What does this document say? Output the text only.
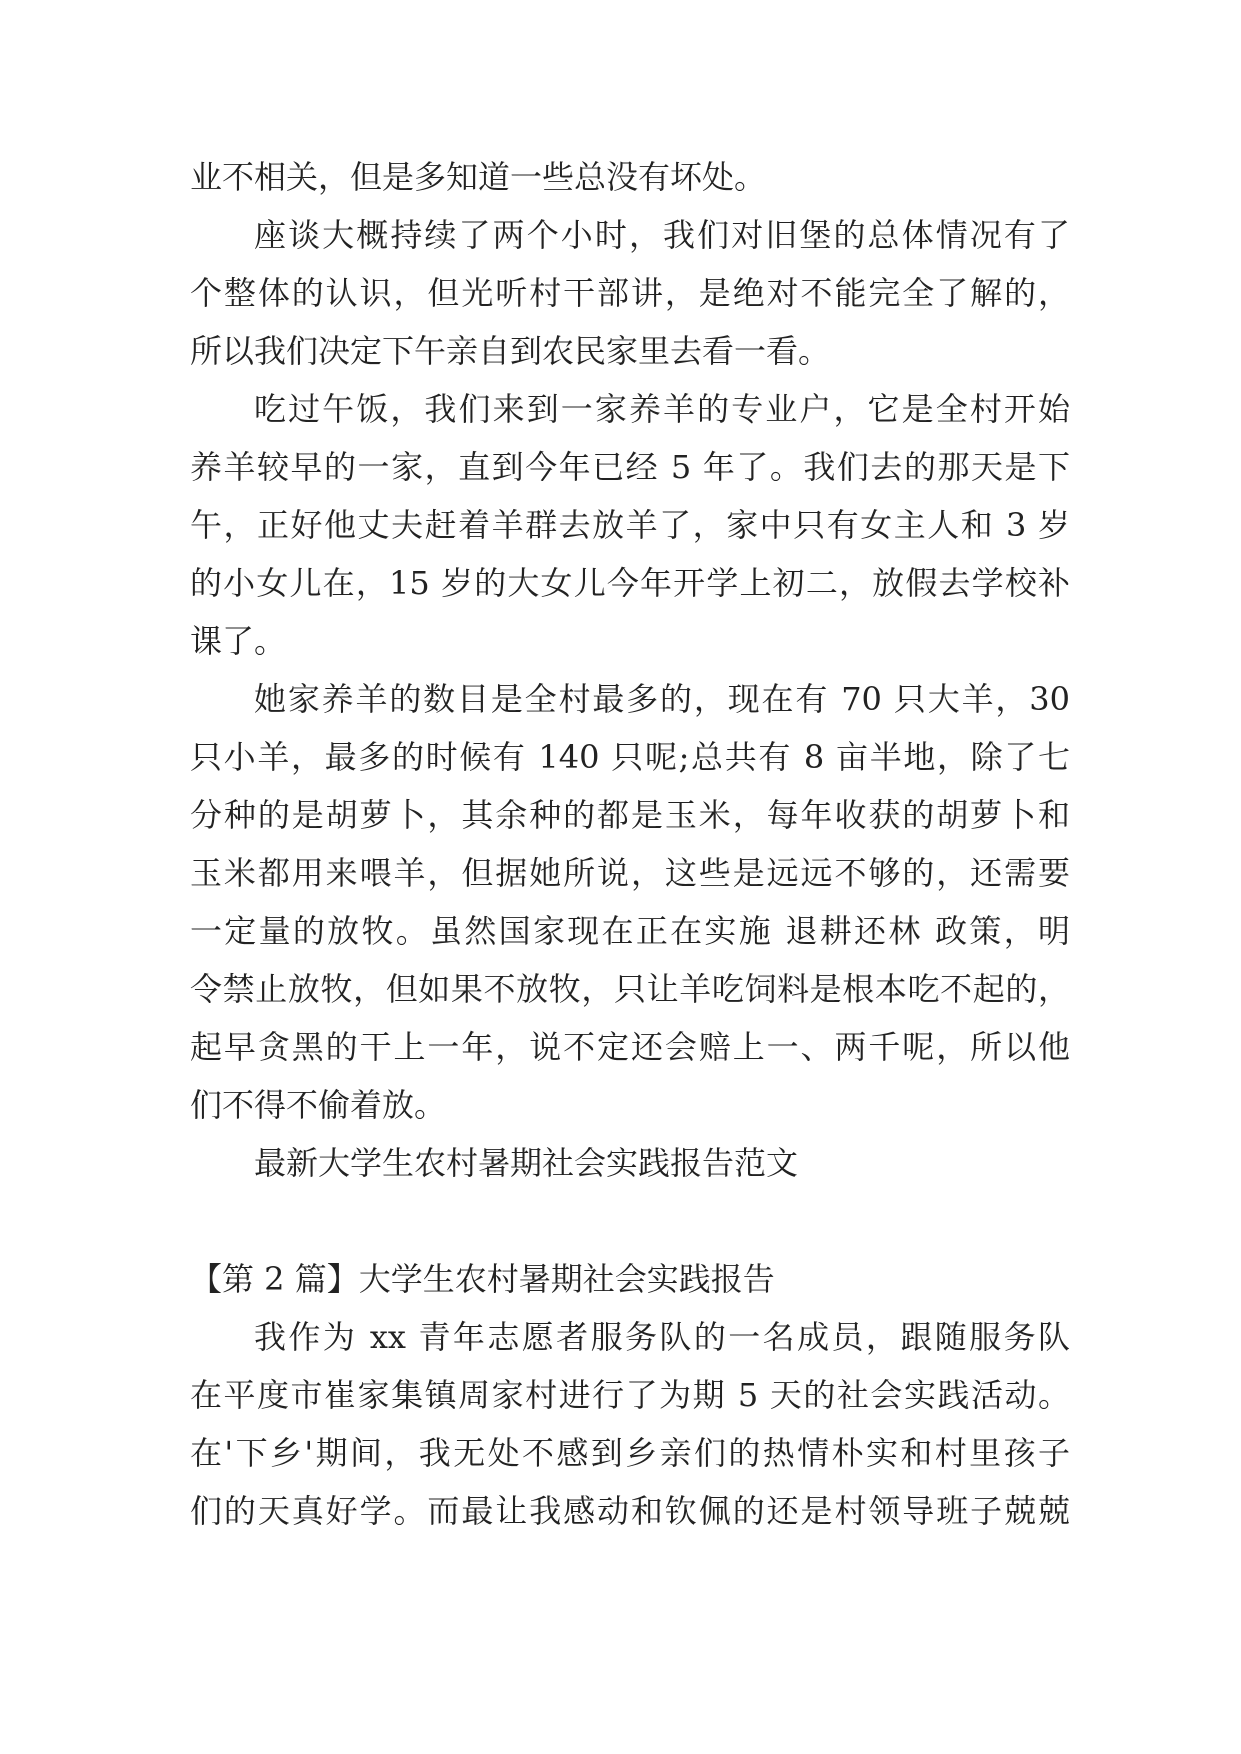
业不相关，但是多知道一些总没有坏处。
座谈大概持续了两个小时，我们对旧堡的总体情况有了
个整体的认识，但光听村干部讲，是绝对不能完全了解的，
所以我们决定下午亲自到农民家里去看一看。
吃过午饭，我们来到一家养羊的专业户，它是全村开始
养羊较早的一家，直到今年已经 5 年了。我们去的那天是下
午，正好他丈夫赶着羊群去放羊了，家中只有女主人和 3 岁
的小女儿在，15 岁的大女儿今年开学上初二，放假去学校补
课了。
她家养羊的数目是全村最多的，现在有 70 只大羊，30
只小羊，最多的时候有 140 只呢;总共有 8 亩半地，除了七
分种的是胡萝卜，其余种的都是玉米，每年收获的胡萝卜和
玉米都用来喂羊，但据她所说，这些是远远不够的，还需要
一定量的放牧。虽然国家现在正在实施 退耕还林 政策，明
令禁止放牧，但如果不放牧，只让羊吃饲料是根本吃不起的，
起早贪黑的干上一年，说不定还会赔上一、两千呢，所以他
们不得不偷着放。
最新大学生农村暑期社会实践报告范文
【第 2 篇】大学生农村暑期社会实践报告
我作为 xx 青年志愿者服务队的一名成员，跟随服务队
在平度市崔家集镇周家村进行了为期 5 天的社会实践活动。
在'下乡'期间，我无处不感到乡亲们的热情朴实和村里孩子
们的天真好学。而最让我感动和钦佩的还是村领导班子兢兢
